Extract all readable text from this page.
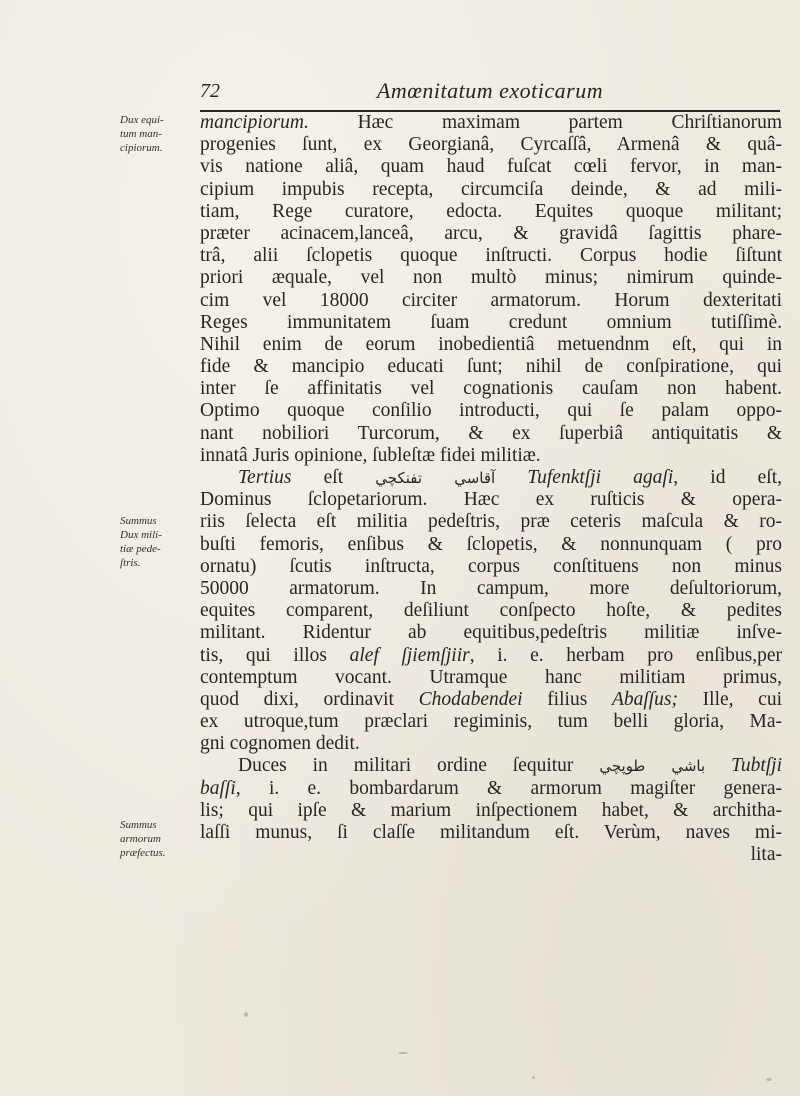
72	Amœnitatum exoticarum
Dux equi-
tum man-
cipiorum.
Summus
Dux mili-
tiæ pede-
ſtris.
Summus
armorum
præfectus.
mancipiorum. Hæc maximam partem Chriſtianorum
progenies ſunt, ex Georgianâ, Cyrcaſſâ, Armenâ & quâ-
vis natione aliâ, quam haud fuſcat cœli fervor, in man-
cipium impubis recepta, circumciſa deinde, & ad mili-
tiam, Rege curatore, edocta. Equites quoque militant;
præter acinacem,lanceâ, arcu, & gravidâ ſagittis phare-
trâ, alii ſclopetis quoque inſtructi. Corpus hodie ſiſtunt
priori æquale, vel non multò minus; nimirum quinde-
cim vel 18000 circiter armatorum. Horum dexteritati
Reges immunitatem ſuam credunt omnium tutiſſimè.
Nihil enim de eorum inobedientiâ metuendnm eſt, qui in
fide & mancipio educati ſunt; nihil de conſpiratione, qui
inter ſe affinitatis vel cognationis cauſam non habent.
Optimo quoque conſilio introducti, qui ſe palam oppo-
nant nobiliori Turcorum, & ex ſuperbiâ antiquitatis &
innatâ Juris opinione, ſubleſtæ fidei militiæ.
Tertius eſt	آقاسي تفنكچي	Tufenktſji agaſi, id eſt,
Dominus ſclopetariorum. Hæc ex ruſticis & opera-
riis ſelecta eſt militia pedeſtris, præ ceteris maſcula & ro-
buſti femoris, enſibus & ſclopetis, & nonnunquam ( pro
ornatu) ſcutis inſtructa, corpus conſtituens non minus
50000 armatorum. In campum, more deſultoriorum,
equites comparent, deſiliunt conſpecto hoſte, & pedites
militant. Ridentur ab equitibus,pedeſtris militiæ inſve-
tis, qui illos alef ſjiemſjiir, i. e. herbam pro enſibus,per
contemptum vocant. Utramque hanc militiam primus,
quod dixi, ordinavit Chodabendei filius Abaſſus; Ille, cui
ex utroque,tum præclari regiminis, tum belli gloria, Ma-
gni cognomen dedit.
Duces in militari ordine ſequitur	باشي طوپچي	Tubtſji
baſſi, i. e. bombardarum & armorum magiſter genera-
lis; qui ipſe & marium inſpectionem habet, & architha-
laſſi munus, ſi claſſe militandum eſt. Verùm, naves mi-
lita-
